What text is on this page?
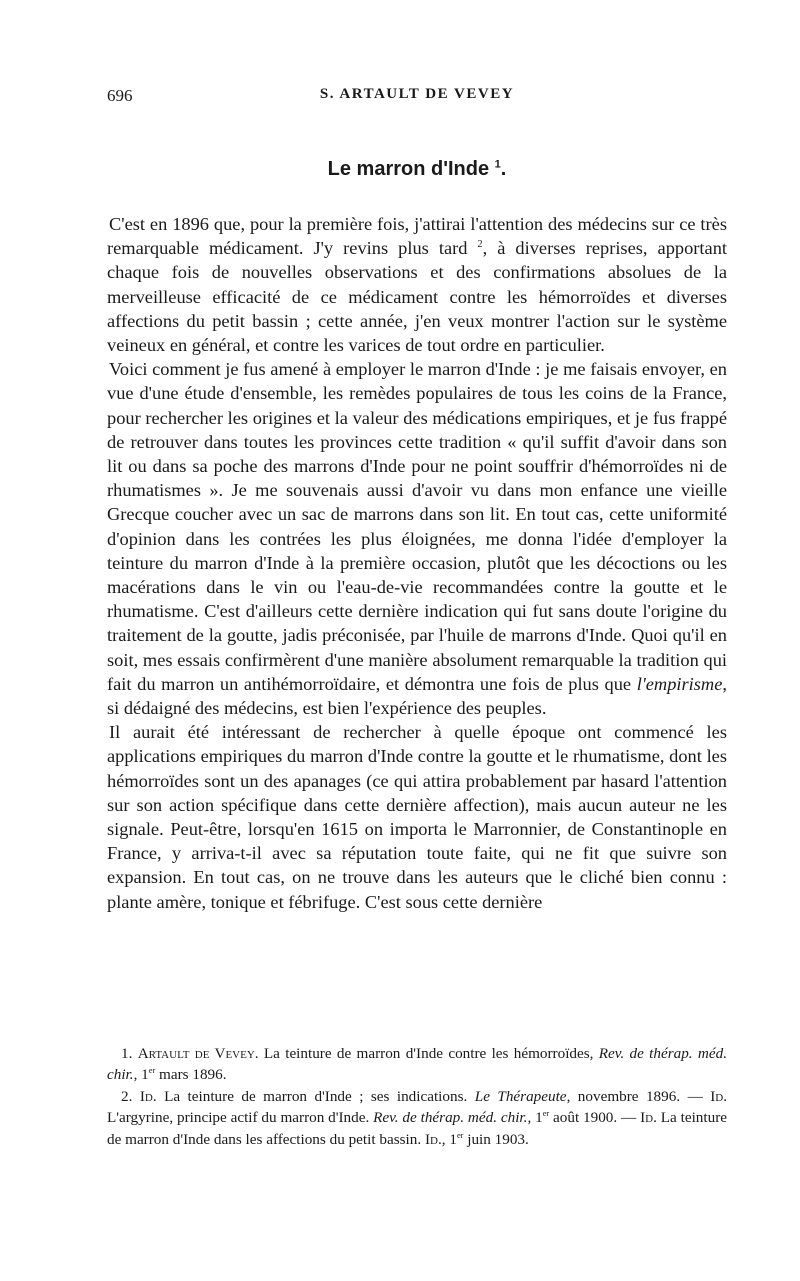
696	S. ARTAULT DE VEVEY
Le marron d'Inde $^1$.

C'est en 1896 que, pour la première fois, j'attirai l'attention des médecins sur ce très remarquable médicament. J'y revins plus tard $^2$, à diverses reprises, apportant chaque fois de nouvelles observations et des confirmations absolues de la merveilleuse efficacité de ce médicament contre les hémorroïdes et diverses affections du petit bassin ; cette année, j'en veux montrer l'action sur le système veineux en général, et contre les varices de tout ordre en particulier.

Voici comment je fus amené à employer le marron d'Inde : je me faisais envoyer, en vue d'une étude d'ensemble, les remèdes populaires de tous les coins de la France, pour rechercher les origines et la valeur des médications empiriques, et je fus frappé de retrouver dans toutes les provinces cette tradition « qu'il suffit d'avoir dans son lit ou dans sa poche des marrons d'Inde pour ne point souffrir d'hémorroïdes ni de rhumatismes ». Je me souvenais aussi d'avoir vu dans mon enfance une vieille Grecque coucher avec un sac de marrons dans son lit. En tout cas, cette uniformité d'opinion dans les contrées les plus éloignées, me donna l'idée d'employer la teinture du marron d'Inde à la première occasion, plutôt que les décoctions ou les macérations dans le vin ou l'eau-de-vie recommandées contre la goutte et le rhumatisme. C'est d'ailleurs cette dernière indication qui fut sans doute l'origine du traitement de la goutte, jadis préconisée, par l'huile de marrons d'Inde. Quoi qu'il en soit, mes essais confirmèrent d'une manière absolument remarquable la tradition qui fait du marron un antihémorroïdaire, et démontra une fois de plus que l'empirisme, si dédaigné des médecins, est bien l'expérience des peuples.

Il aurait été intéressant de rechercher à quelle époque ont commencé les applications empiriques du marron d'Inde contre la goutte et le rhumatisme, dont les hémorroïdes sont un des apanages (ce qui attira probablement par hasard l'attention sur son action spécifique dans cette dernière affection), mais aucun auteur ne les signale. Peut-être, lorsqu'en 1615 on importa le Marronnier, de Constantinople en France, y arriva-t-il avec sa réputation toute faite, qui ne fit que suivre son expansion. En tout cas, on ne trouve dans les auteurs que le cliché bien connu : plante amère, tonique et fébrifuge. C'est sous cette dernière

1. Artault de Vevey. La teinture de marron d'Inde contre les hémorroïdes, Rev. de thérap. méd. chir., 1er mars 1896.

2. Id. La teinture de marron d'Inde ; ses indications. Le Thérapeute, novembre 1896. — Id. L'argyrine, principe actif du marron d'Inde. Rev. de thérap. méd. chir., 1er août 1900. — Id. La teinture de marron d'Inde dans les affections du petit bassin. Id., 1er juin 1903.
